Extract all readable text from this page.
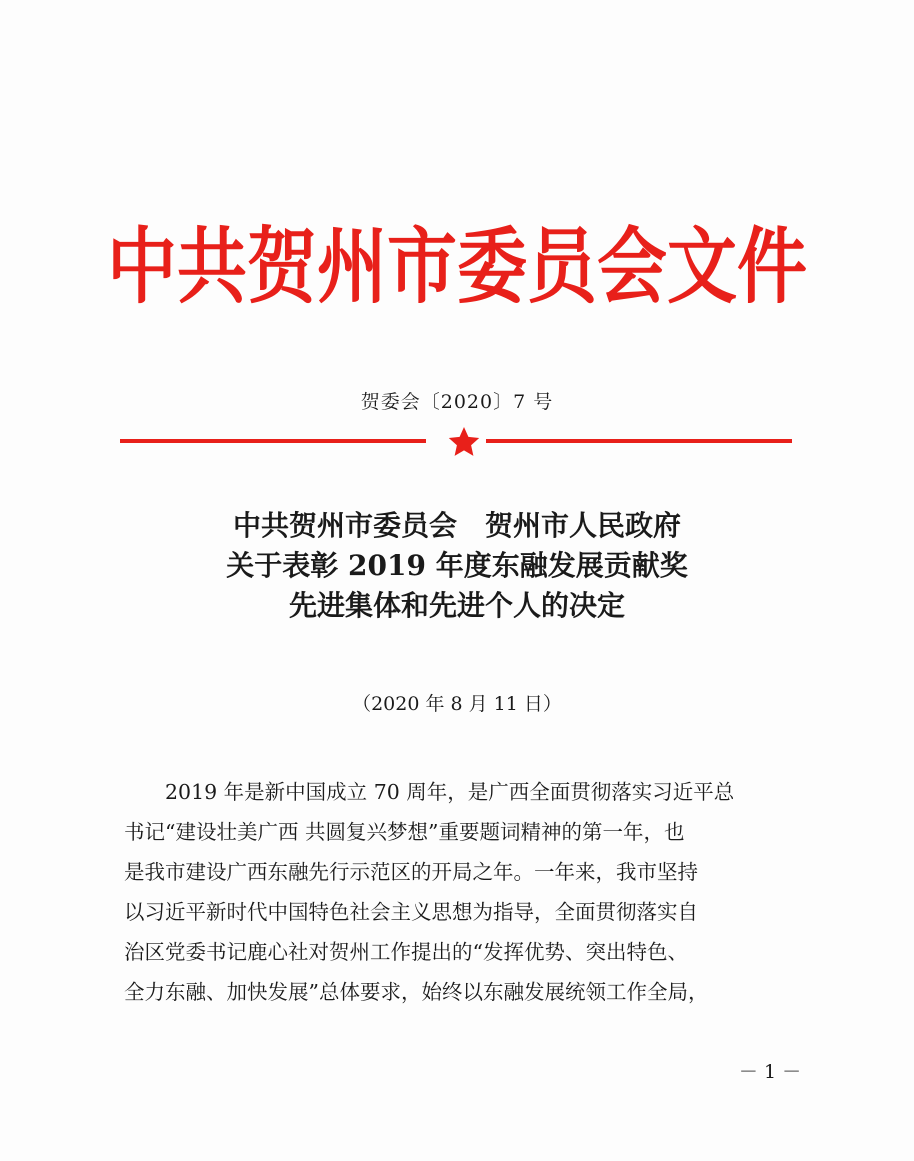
中共贺州市委员会文件
贺委会〔2020〕7 号
中共贺州市委员会　贺州市人民政府
关于表彰 2019 年度东融发展贡献奖
先进集体和先进个人的决定
（2020 年 8 月 11 日）
　　2019 年是新中国成立 70 周年，是广西全面贯彻落实习近平总
书记“建设壮美广西 共圆复兴梦想”重要题词精神的第一年，也
是我市建设广西东融先行示范区的开局之年。一年来，我市坚持
以习近平新时代中国特色社会主义思想为指导，全面贯彻落实自
治区党委书记鹿心社对贺州工作提出的“发挥优势、突出特色、
全力东融、加快发展”总体要求，始终以东融发展统领工作全局，
－ 1 －
